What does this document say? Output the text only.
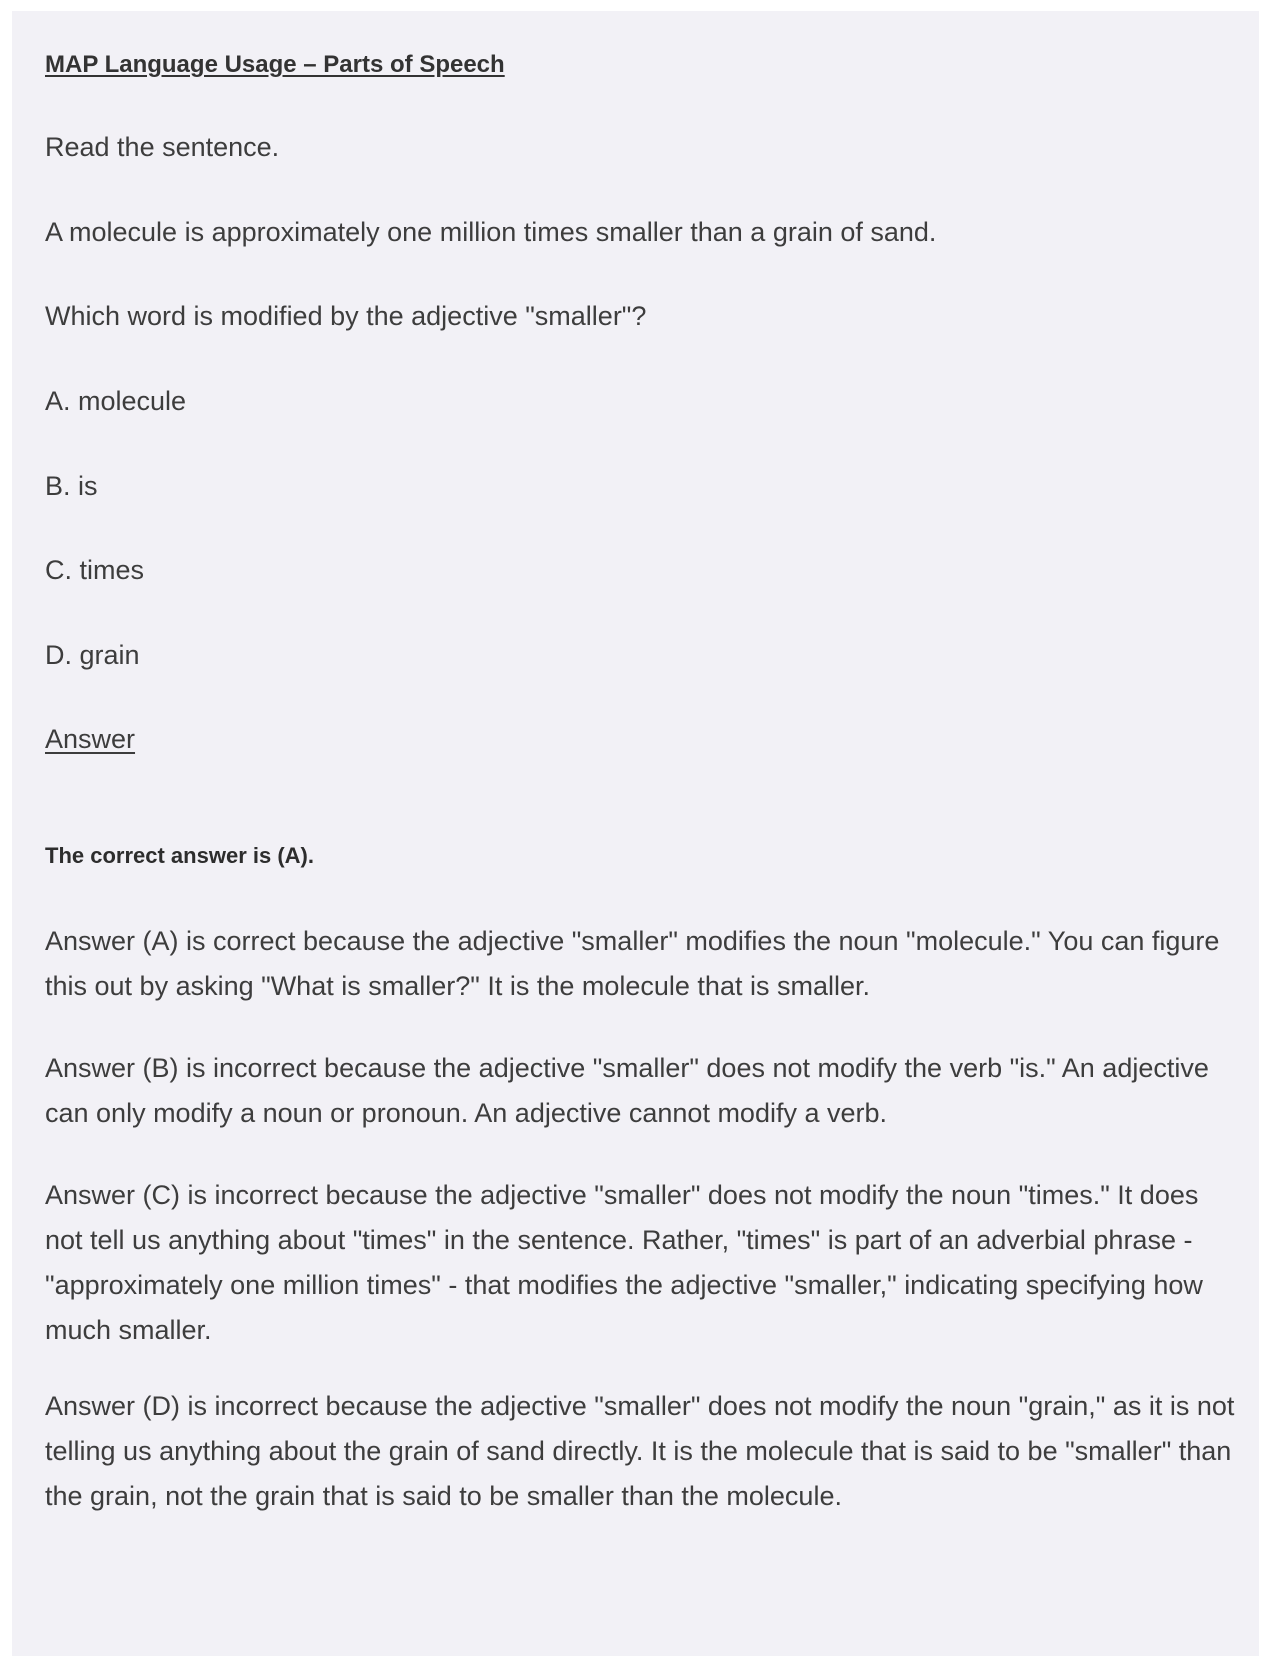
MAP Language Usage – Parts of Speech

Read the sentence.

A molecule is approximately one million times smaller than a grain of sand.

Which word is modified by the adjective "smaller"?

A. molecule

B. is

C. times

D. grain

Answer

The correct answer is (A).

Answer (A) is correct because the adjective "smaller" modifies the noun "molecule." You can figure this out by asking "What is smaller?" It is the molecule that is smaller.

Answer (B) is incorrect because the adjective "smaller" does not modify the verb "is." An adjective can only modify a noun or pronoun. An adjective cannot modify a verb.

Answer (C) is incorrect because the adjective "smaller" does not modify the noun "times." It does not tell us anything about "times" in the sentence. Rather, "times" is part of an adverbial phrase - "approximately one million times" - that modifies the adjective "smaller," indicating specifying how much smaller.

Answer (D) is incorrect because the adjective "smaller" does not modify the noun "grain," as it is not telling us anything about the grain of sand directly. It is the molecule that is said to be "smaller" than the grain, not the grain that is said to be smaller than the molecule.
